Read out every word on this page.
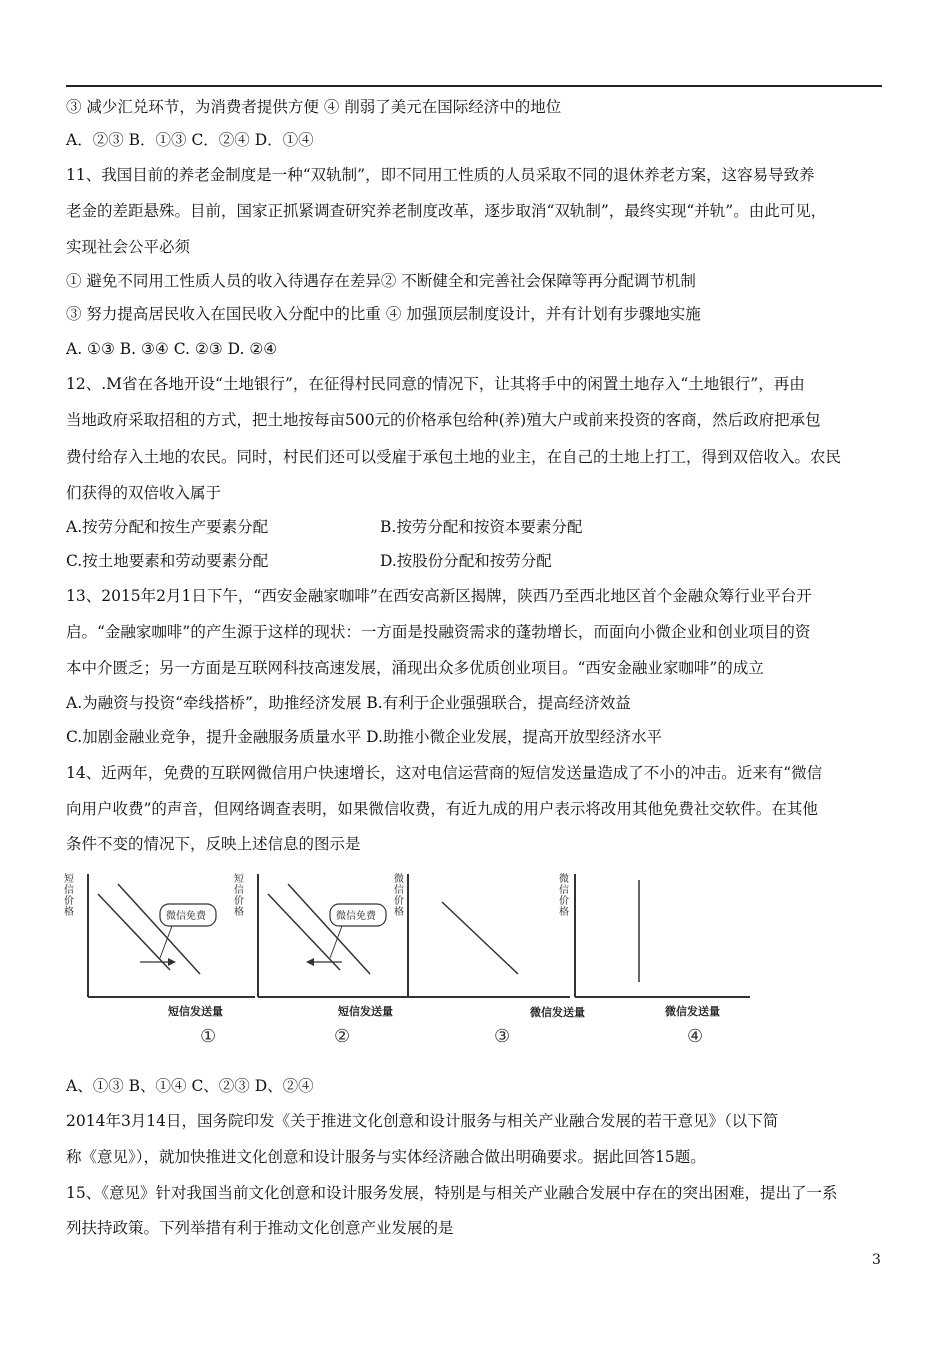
③ 减少汇兑环节，为消费者提供方便 ④ 削弱了美元在国际经济中的地位
A．②③ B．①③ C．②④ D．①④
11、我国目前的养老金制度是一种“双轨制”，即不同用工性质的人员采取不同的退休养老方案，这容易导致养
老金的差距悬殊。目前，国家正抓紧调查研究养老制度改革，逐步取消“双轨制”，最终实现“并轨”。由此可见，
实现社会公平必须
① 避免不同用工性质人员的收入待遇存在差异② 不断健全和完善社会保障等再分配调节机制
③ 努力提高居民收入在国民收入分配中的比重 ④ 加强顶层制度设计，并有计划有步骤地实施
A. ①③ B. ③④ C. ②③ D. ②④
12、.M省在各地开设“土地银行”，在征得村民同意的情况下，让其将手中的闲置土地存入“土地银行”，再由
当地政府采取招租的方式，把土地按每亩500元的价格承包给种(养)殖大户或前来投资的客商，然后政府把承包
费付给存入土地的农民。同时，村民们还可以受雇于承包土地的业主，在自己的土地上打工，得到双倍收入。农民
们获得的双倍收入属于
A.按劳分配和按生产要素分配	B.按劳分配和按资本要素分配
C.按土地要素和劳动要素分配	D.按股份分配和按劳分配
13、2015年2月1日下午，“西安金融家咖啡”在西安高新区揭牌，陕西乃至西北地区首个金融众筹行业平台开
启。“金融家咖啡”的产生源于这样的现状：一方面是投融资需求的蓬勃增长，而面向小微企业和创业项目的资
本中介匮乏；另一方面是互联网科技高速发展，涌现出众多优质创业项目。“西安金融业家咖啡”的成立
A.为融资与投资“牵线搭桥”，助推经济发展 B.有利于企业强强联合，提高经济效益
C.加剧金融业竞争，提升金融服务质量水平 D.助推小微企业发展，提高开放型经济水平
14、近两年，免费的互联网微信用户快速增长，这对电信运营商的短信发送量造成了不小的冲击。近来有“微信
向用户收费”的声音，但网络调查表明，如果微信收费，有近九成的用户表示将改用其他免费社交软件。在其他
条件不变的情况下，反映上述信息的图示是
短
信
价
格	微信免费
短信发送量
①
短
信
价
格	微信免费
短信发送量
②
微
信
价
格
③
微
信
价
格
微信发送量
④
微信发送量
A、①③ B、①④ C、②③ D、②④
2014年3月14日，国务院印发《关于推进文化创意和设计服务与相关产业融合发展的若干意见》（以下简
称《意见》），就加快推进文化创意和设计服务与实体经济融合做出明确要求。据此回答15题。
15、《意见》针对我国当前文化创意和设计服务发展，特别是与相关产业融合发展中存在的突出困难，提出了一系
列扶持政策。下列举措有利于推动文化创意产业发展的是
3
